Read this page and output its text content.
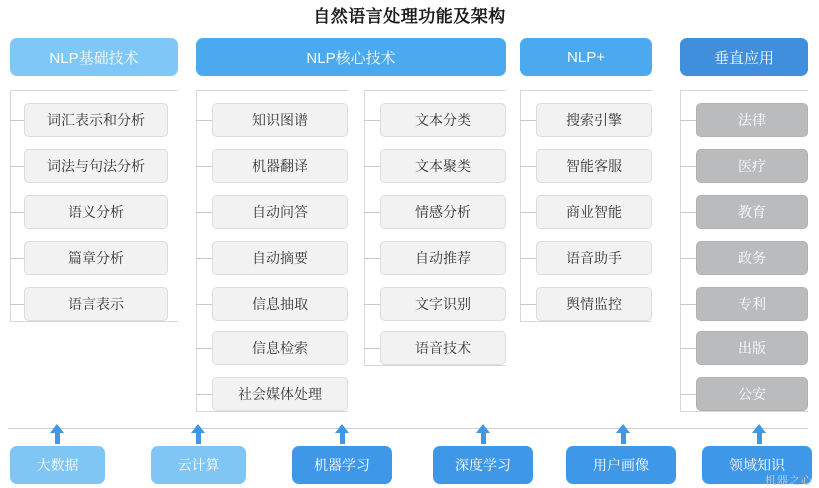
自然语言处理功能及架构
NLP基础技术
词汇表示和分析
词法与句法分析
语义分析
篇章分析
语言表示
NLP核心技术
知识图谱
机器翻译
自动问答
自动摘要
信息抽取
信息检索
社会媒体处理
文本分类
文本聚类
情感分析
自动推荐
文字识别
语音技术
NLP+
搜索引擎
智能客服
商业智能
语音助手
舆情监控
垂直应用
法律
医疗
教育
政务
专利
出版
公安
大数据	云计算	机器学习	深度学习	用户画像	领域知识
机器之心
